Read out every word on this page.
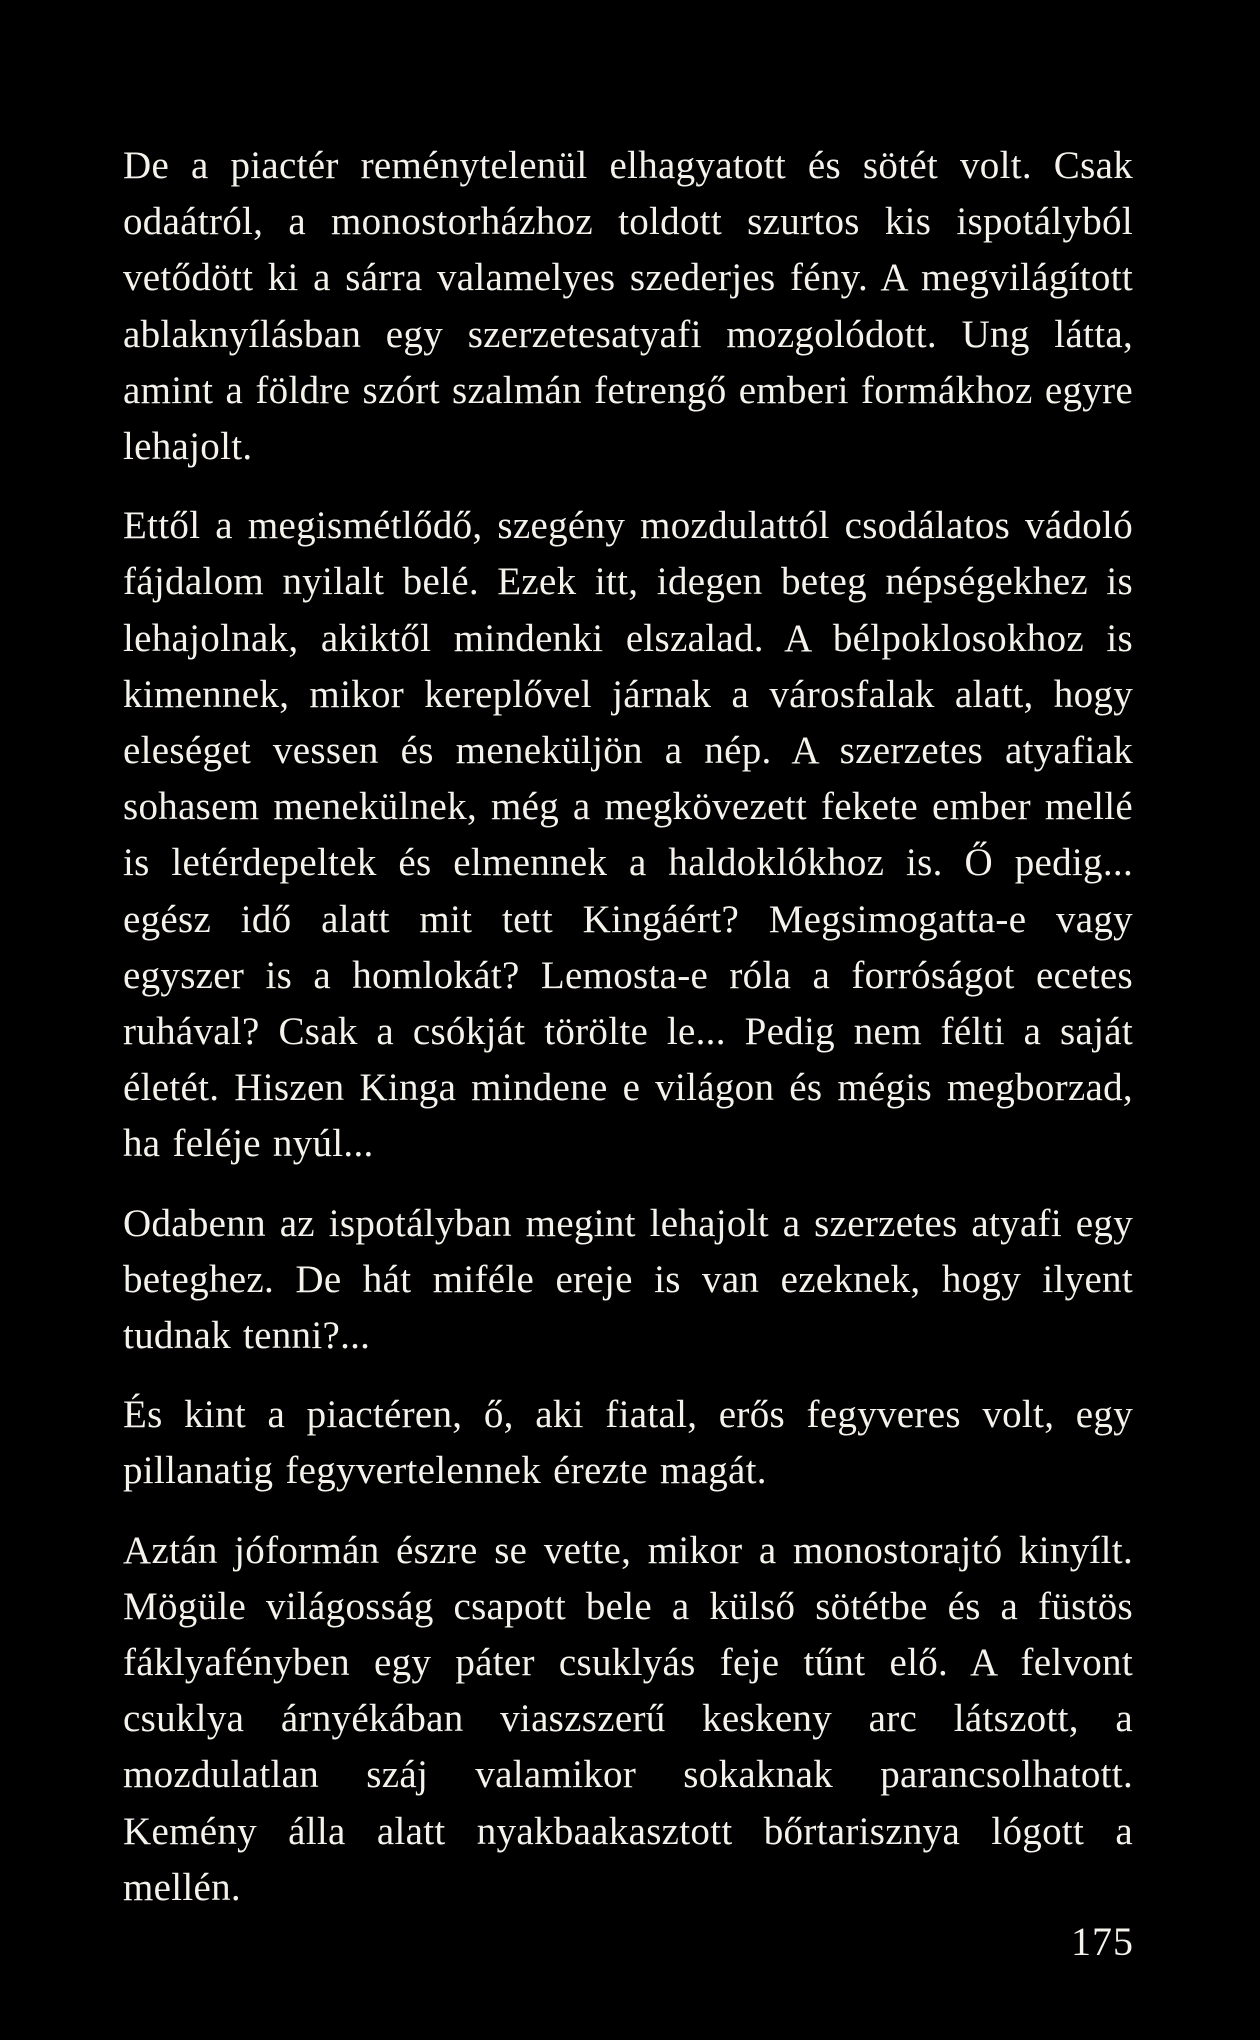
De a piactér reménytelenül elhagyatott és sötét volt. Csak odaátról, a monostorházhoz toldott szurtos kis ispotályból vetődött ki a sárra valamelyes szederjes fény. A megvilágított ablaknyílásban egy szerzetesatyafi mozgolódott. Ung látta, amint a földre szórt szalmán fetrengő emberi formákhoz egyre lehajolt.

Ettől a megismétlődő, szegény mozdulattól csodálatos vádoló fájdalom nyilalt belé. Ezek itt, idegen beteg népségekhez is lehajolnak, akiktől mindenki elszalad. A bélpoklosokhoz is kimennek, mikor kereplővel járnak a városfalak alatt, hogy eleséget vessen és meneküljön a nép. A szerzetes atyafiak sohasem menekülnek, még a megkövezett fekete ember mellé is letérdepeltek és elmennek a haldoklókhoz is. Ő pedig... egész idő alatt mit tett Kingáért? Megsimogatta-e vagy egyszer is a homlokát? Lemosta-e róla a forróságot ecetes ruhával? Csak a csókját törölte le... Pedig nem félti a saját életét. Hiszen Kinga mindene e világon és mégis megborzad, ha feléje nyúl...

Odabenn az ispotályban megint lehajolt a szerzetes atyafi egy beteghez. De hát miféle ereje is van ezeknek, hogy ilyent tudnak tenni?...

És kint a piactéren, ő, aki fiatal, erős fegyveres volt, egy pillanatig fegyvertelennek érezte magát.

Aztán jóformán észre se vette, mikor a monostorajtó kinyílt. Mögüle világosság csapott bele a külső sötétbe és a füstös fáklyafényben egy páter csuklyás feje tűnt elő. A felvont csuklya árnyékában viaszszerű keskeny arc látszott, a mozdulatlan száj valamikor sokaknak parancsolhatott. Kemény álla alatt nyakbaakasztott bőrtarisznya lógott a mellén.

175
